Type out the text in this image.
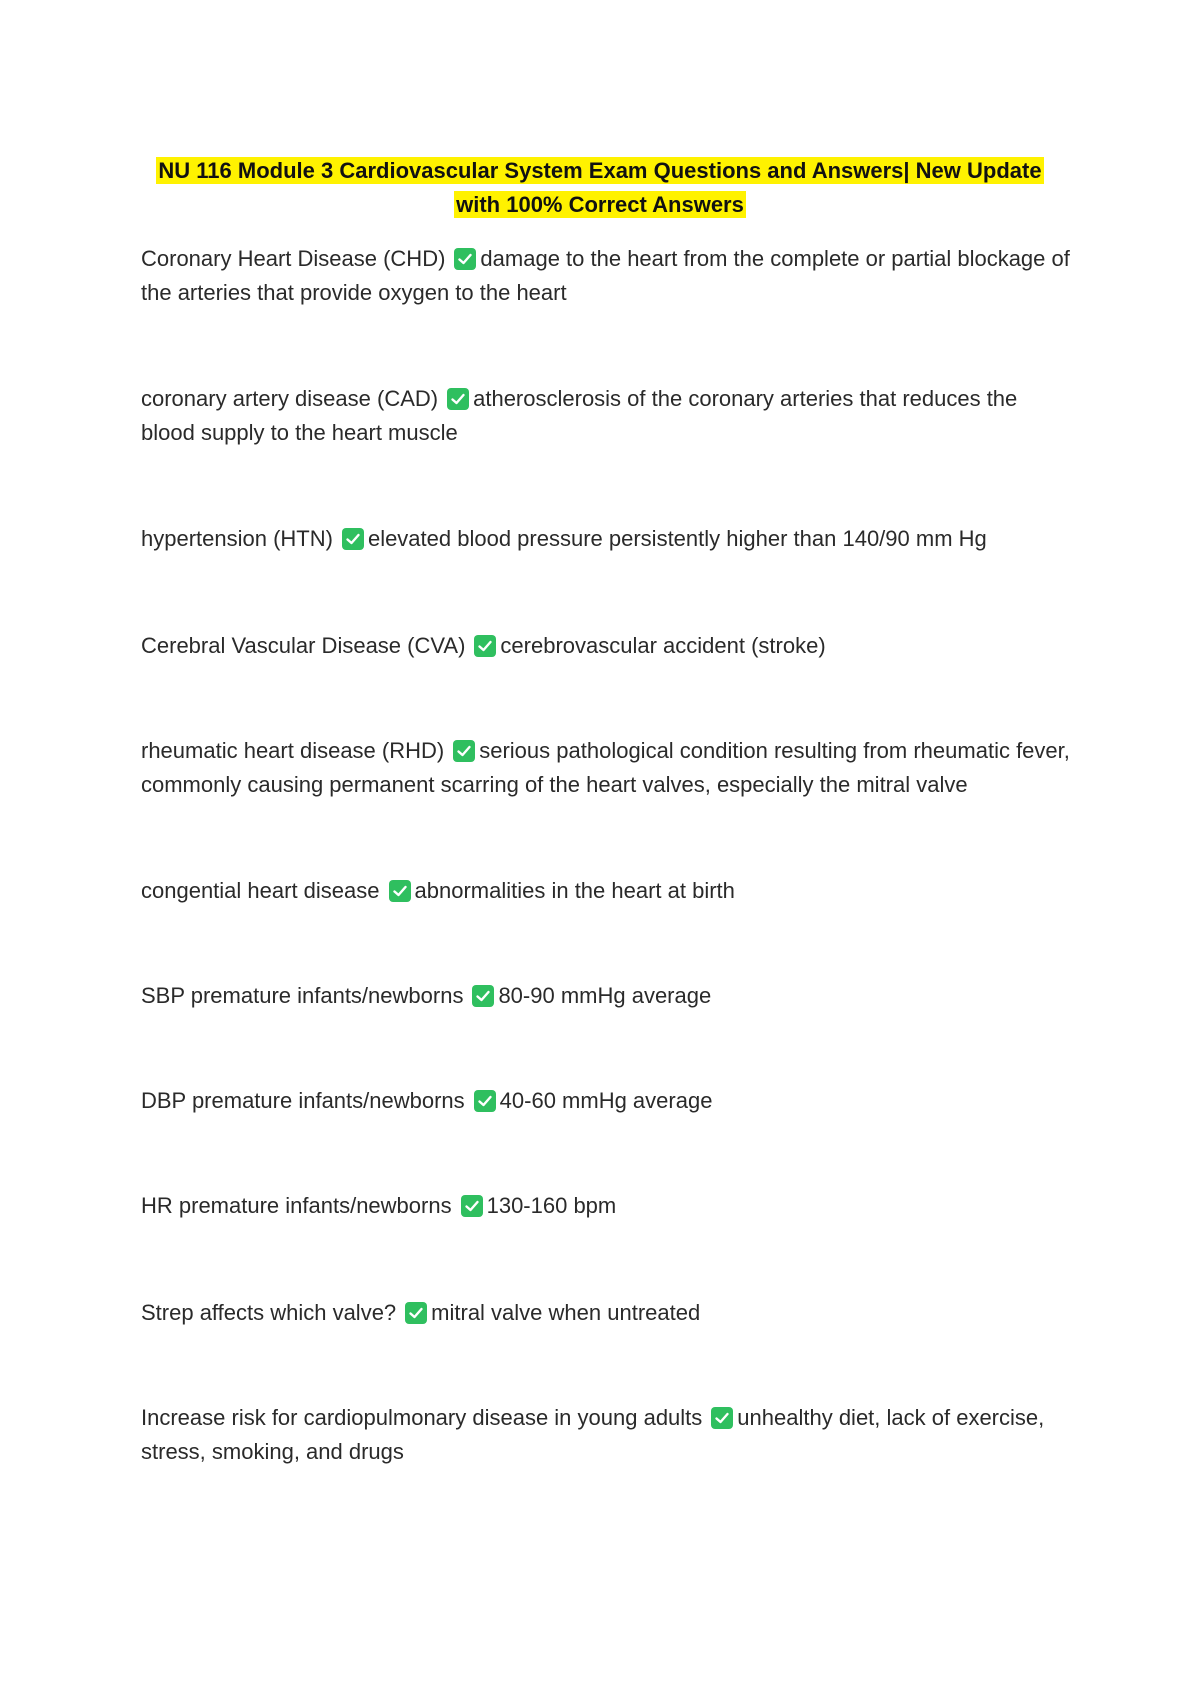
NU 116 Module 3 Cardiovascular System Exam Questions and Answers| New Update with 100% Correct Answers
Coronary Heart Disease (CHD) damage to the heart from the complete or partial blockage of the arteries that provide oxygen to the heart
coronary artery disease (CAD) atherosclerosis of the coronary arteries that reduces the blood supply to the heart muscle
hypertension (HTN) elevated blood pressure persistently higher than 140/90 mm Hg
Cerebral Vascular Disease (CVA) cerebrovascular accident (stroke)
rheumatic heart disease (RHD) serious pathological condition resulting from rheumatic fever, commonly causing permanent scarring of the heart valves, especially the mitral valve
congential heart disease abnormalities in the heart at birth
SBP premature infants/newborns 80-90 mmHg average
DBP premature infants/newborns 40-60 mmHg average
HR premature infants/newborns 130-160 bpm
Strep affects which valve? mitral valve when untreated
Increase risk for cardiopulmonary disease in young adults unhealthy diet, lack of exercise, stress, smoking, and drugs
